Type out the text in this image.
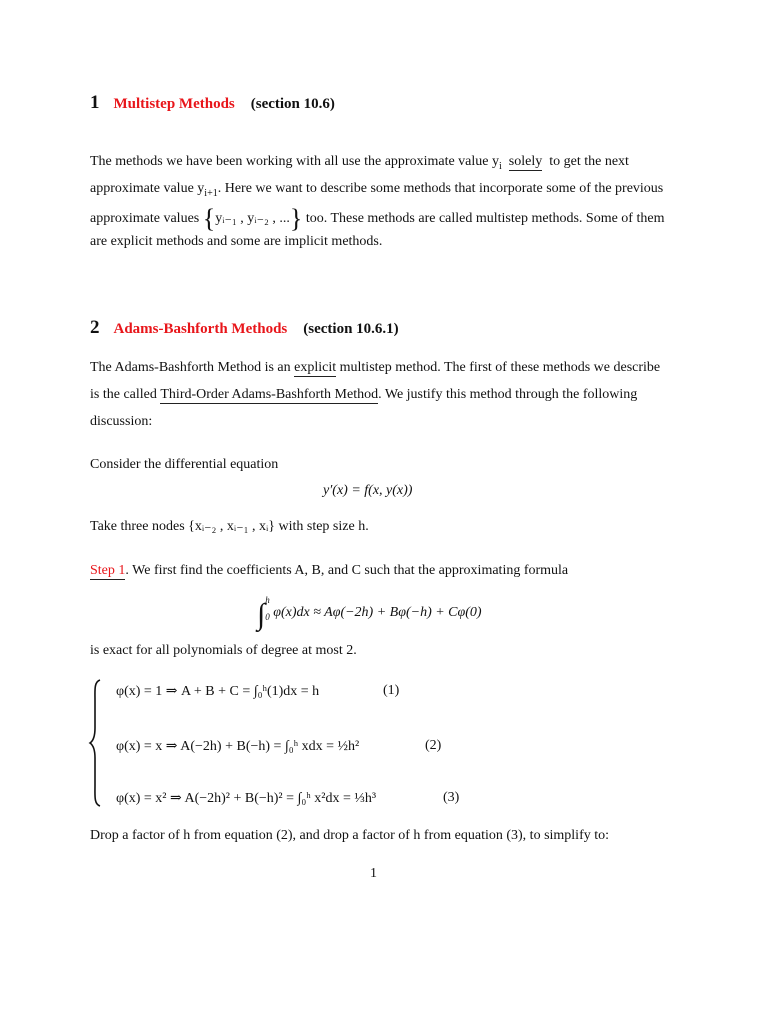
1 Multistep Methods (section 10.6)
The methods we have been working with all use the approximate value $y_i$ solely to get the next
approximate value $y_{i+1}$. Here we want to describe some methods that incorporate some of the previous
approximate values {yᵢ₋₁ , yᵢ₋₂ , ...} too. These methods are called multistep methods. Some of them
are explicit methods and some are implicit methods.
2 Adams-Bashforth Methods (section 10.6.1)
The Adams-Bashforth Method is an explicit multistep method. The first of these methods we describe
is the called Third-Order Adams-Bashforth Method. We justify this method through the following
discussion:
Consider the differential equation
y′(x) = f(x, y(x))
Take three nodes {xᵢ₋₂ , xᵢ₋₁ , xᵢ} with step size h.
Step 1. We first find the coefficients A, B, and C such that the approximating formula
∫ h
0 φ(x)dx ≈ Aφ(−2h) + Bφ(−h) + Cφ(0)
is exact for all polynomials of degree at most 2.
φ(x) = 1 ⇒ A + B + C = ∫₀ʰ(1)dx = h	(1)
φ(x) = x ⇒ A(−2h) + B(−h) = ∫₀ʰ xdx = ½h²	(2)
φ(x) = x² ⇒ A(−2h)² + B(−h)² = ∫₀ʰ x²dx = ⅓h³	(3)
Drop a factor of h from equation (2), and drop a factor of h from equation (3), to simplify to:
1
